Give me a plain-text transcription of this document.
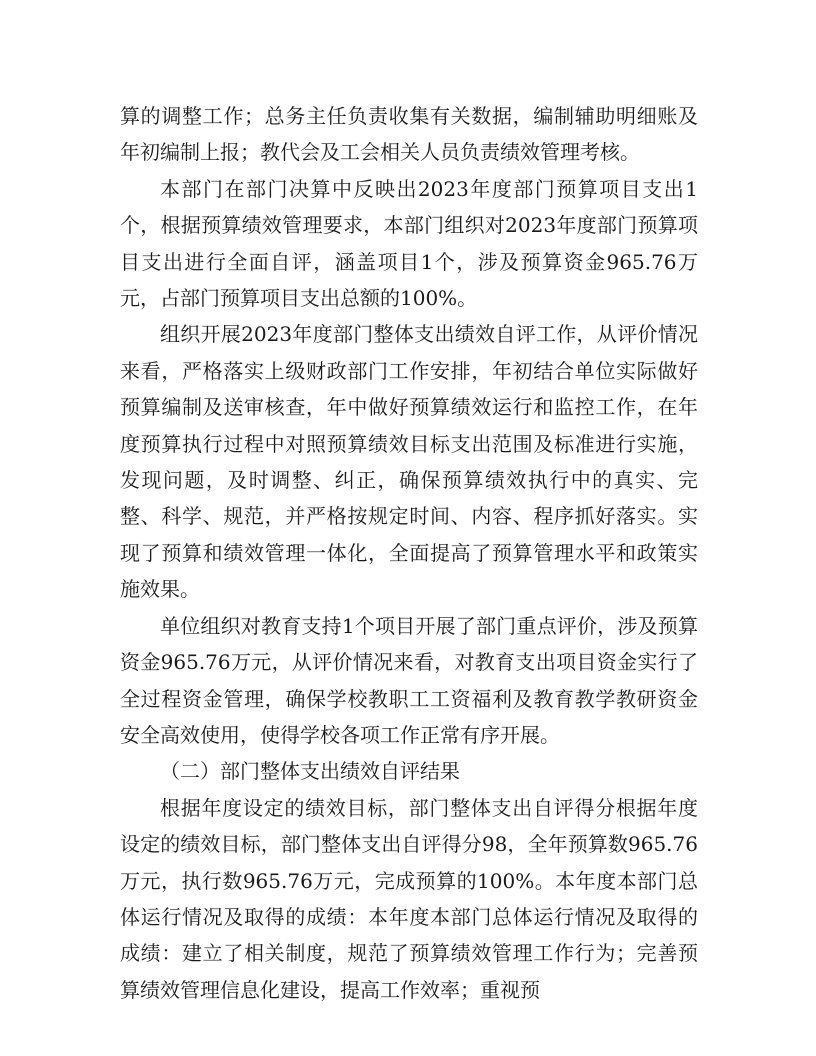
算的调整工作；总务主任负责收集有关数据，编制辅助明细账及年初编制上报；教代会及工会相关人员负责绩效管理考核。

本部门在部门决算中反映出2023年度部门预算项目支出1个，根据预算绩效管理要求，本部门组织对2023年度部门预算项目支出进行全面自评，涵盖项目1个，涉及预算资金965.76万元，占部门预算项目支出总额的100%。

组织开展2023年度部门整体支出绩效自评工作，从评价情况来看，严格落实上级财政部门工作安排，年初结合单位实际做好预算编制及送审核查，年中做好预算绩效运行和监控工作，在年度预算执行过程中对照预算绩效目标支出范围及标准进行实施，发现问题，及时调整、纠正，确保预算绩效执行中的真实、完整、科学、规范，并严格按规定时间、内容、程序抓好落实。实现了预算和绩效管理一体化，全面提高了预算管理水平和政策实施效果。

单位组织对教育支持1个项目开展了部门重点评价，涉及预算资金965.76万元，从评价情况来看，对教育支出项目资金实行了全过程资金管理，确保学校教职工工资福利及教育教学教研资金安全高效使用，使得学校各项工作正常有序开展。

（二）部门整体支出绩效自评结果

根据年度设定的绩效目标，部门整体支出自评得分根据年度设定的绩效目标，部门整体支出自评得分98，全年预算数965.76万元，执行数965.76万元，完成预算的100%。本年度本部门总体运行情况及取得的成绩：本年度本部门总体运行情况及取得的成绩：建立了相关制度，规范了预算绩效管理工作行为；完善预算绩效管理信息化建设，提高工作效率；重视预
